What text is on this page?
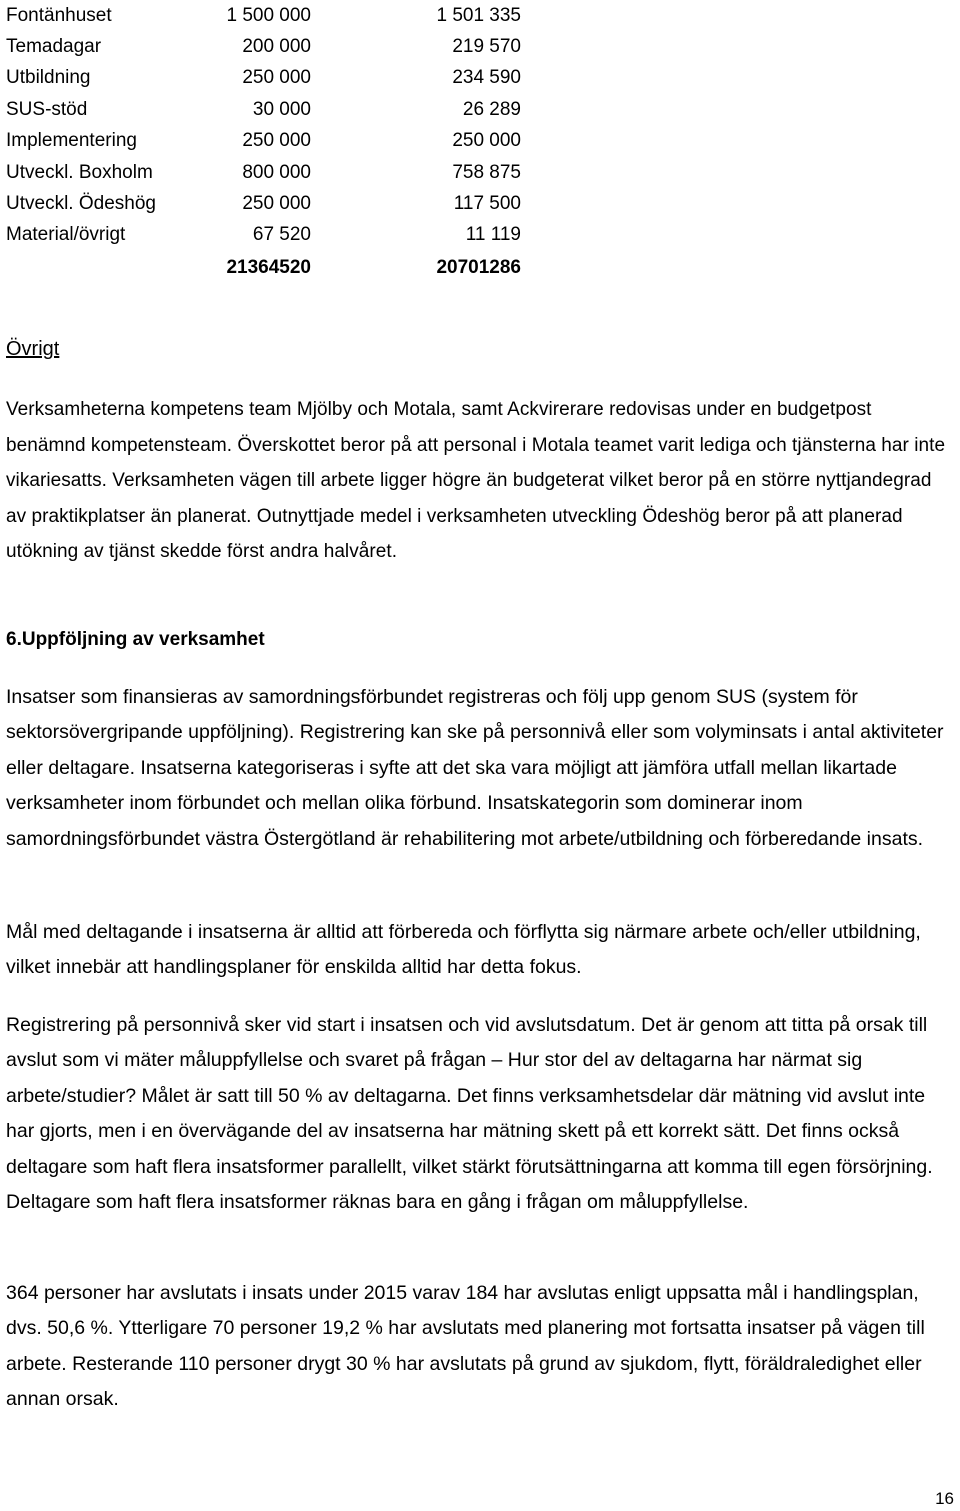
Fontänhuset	1 500 000	1 501 335
Temadagar	200 000	219 570
Utbildning	250 000	234 590
SUS-stöd	30 000	26 289
Implementering	250 000	250 000
Utveckl. Boxholm	800 000	758 875
Utveckl. Ödeshög	250 000	117 500
Material/övrigt	67 520	11 119
	21364520	20701286
Övrigt

Verksamheterna kompetens team Mjölby och Motala, samt Ackvirerare redovisas under en budgetpost benämnd kompetensteam. Överskottet beror på att personal i Motala teamet varit lediga och tjänsterna har inte vikariesatts. Verksamheten vägen till arbete ligger högre än budgeterat vilket beror på en större nyttjandegrad av praktikplatser än planerat. Outnyttjade medel i verksamheten utveckling Ödeshög beror på att planerad utökning av tjänst skedde först andra halvåret.

6.Uppföljning av verksamhet

Insatser som finansieras av samordningsförbundet registreras och följ upp genom SUS (system för sektorsövergripande uppföljning). Registrering kan ske på personnivå eller som volyminsats i antal aktiviteter eller deltagare. Insatserna kategoriseras i syfte att det ska vara möjligt att jämföra utfall mellan likartade verksamheter inom förbundet och mellan olika förbund. Insatskategorin som dominerar inom samordningsförbundet västra Östergötland är rehabilitering mot arbete/utbildning och förberedande insats.

Mål med deltagande i insatserna är alltid att förbereda och förflytta sig närmare arbete och/eller utbildning, vilket innebär att handlingsplaner för enskilda alltid har detta fokus.

Registrering på personnivå sker vid start i insatsen och vid avslutsdatum. Det är genom att titta på orsak till avslut som vi mäter måluppfyllelse och svaret på frågan – Hur stor del av deltagarna har närmat sig arbete/studier? Målet är satt till 50 % av deltagarna. Det finns verksamhetsdelar där mätning vid avslut inte har gjorts, men i en övervägande del av insatserna har mätning skett på ett korrekt sätt. Det finns också deltagare som haft flera insatsformer parallellt, vilket stärkt förutsättningarna att komma till egen försörjning. Deltagare som haft flera insatsformer räknas bara en gång i frågan om måluppfyllelse.

364 personer har avslutats i insats under 2015 varav 184 har avslutas enligt uppsatta mål i handlingsplan, dvs. 50,6 %. Ytterligare 70 personer 19,2 % har avslutats med planering mot fortsatta insatser på vägen till arbete. Resterande 110 personer drygt 30 % har avslutats på grund av sjukdom, flytt, föräldraledighet eller annan orsak.

16
